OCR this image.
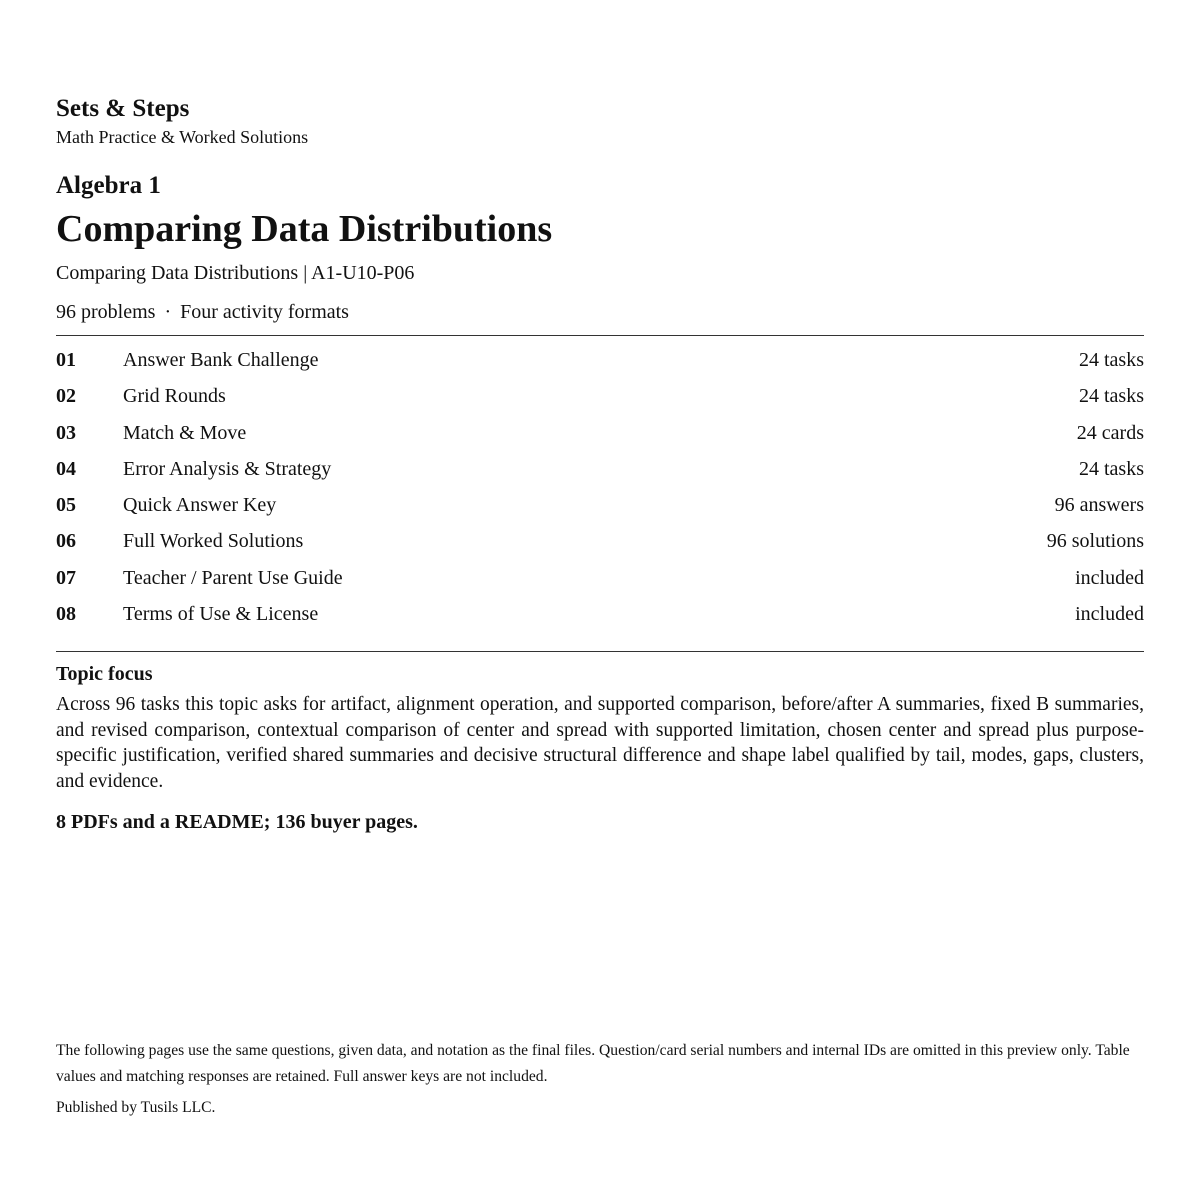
Sets & Steps

Math Practice & Worked Solutions

Algebra 1

Comparing Data Distributions

Comparing Data Distributions | A1-U10-P06

96 problems · Four activity formats

01 Answer Bank Challenge	24 tasks
02 Grid Rounds	24 tasks
03 Match & Move	24 cards
04 Error Analysis & Strategy	24 tasks
05 Quick Answer Key	96 answers
06 Full Worked Solutions	96 solutions
07 Teacher / Parent Use Guide	included
08 Terms of Use & License	included

Topic focus

Across 96 tasks this topic asks for artifact, alignment operation, and supported comparison, before/after A summaries, fixed B summaries, and revised comparison, contextual comparison of center and spread with supported limitation, chosen center and spread plus purpose-specific justification, verified shared summaries and decisive structural difference and shape label qualified by tail, modes, gaps, clusters, and evidence.

8 PDFs and a README; 136 buyer pages.

The following pages use the same questions, given data, and notation as the final files. Question/card serial numbers and internal IDs are omitted in this preview only. Table values and matching responses are retained. Full answer keys are not included.

Published by Tusils LLC.
